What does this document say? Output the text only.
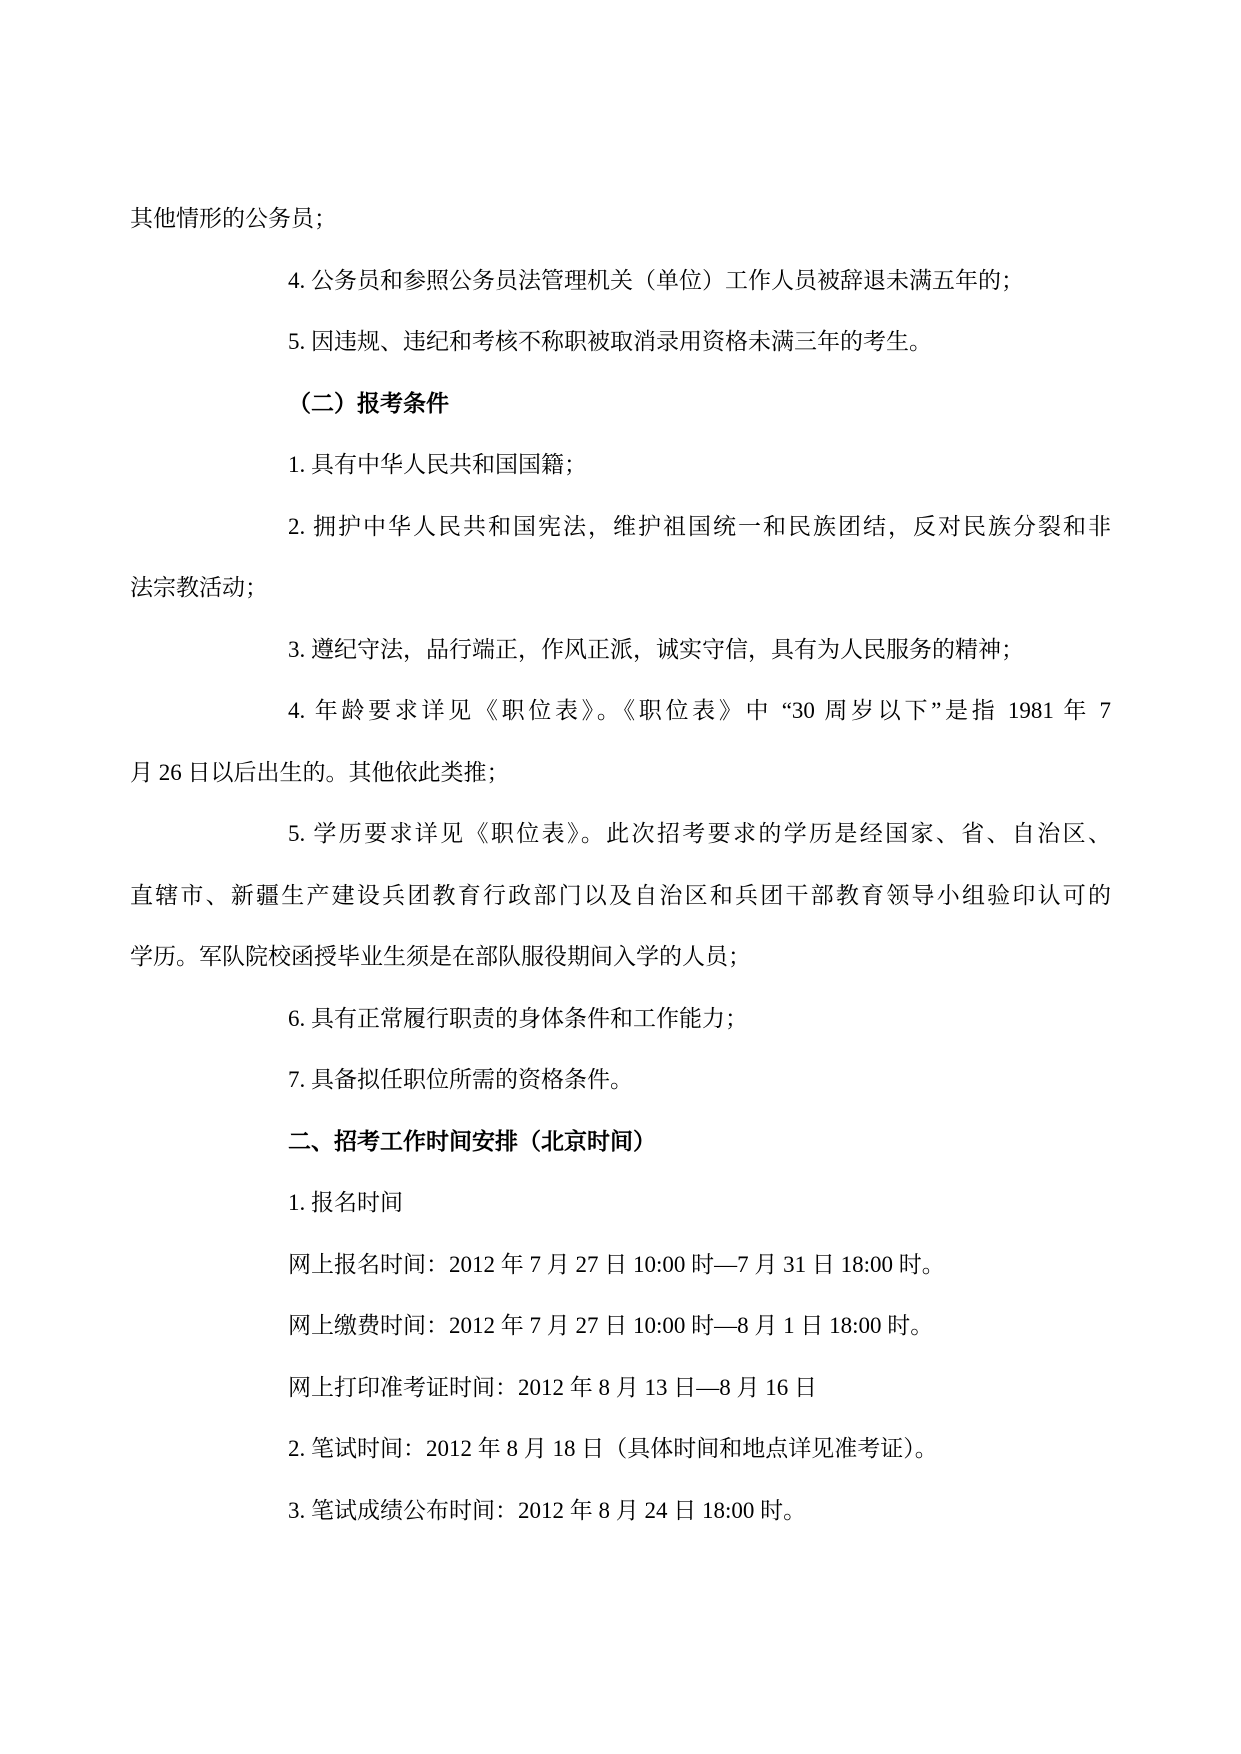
其他情形的公务员；
4. 公务员和参照公务员法管理机关（单位）工作人员被辞退未满五年的；
5. 因违规、违纪和考核不称职被取消录用资格未满三年的考生。
（二）报考条件
1. 具有中华人民共和国国籍；
2. 拥护中华人民共和国宪法，维护祖国统一和民族团结，反对民族分裂和非
法宗教活动；
3. 遵纪守法，品行端正，作风正派，诚实守信，具有为人民服务的精神；
4. 年龄要求详见《职位表》。《职位表》中 “30 周岁以下”是指 1981 年 7
月 26 日以后出生的。其他依此类推；
5. 学历要求详见《职位表》。此次招考要求的学历是经国家、省、自治区、
直辖市、新疆生产建设兵团教育行政部门以及自治区和兵团干部教育领导小组验印认可的
学历。军队院校函授毕业生须是在部队服役期间入学的人员；
6. 具有正常履行职责的身体条件和工作能力；
7. 具备拟任职位所需的资格条件。
二、招考工作时间安排（北京时间）
1. 报名时间
网上报名时间：2012 年 7 月 27 日 10:00 时—7 月 31 日 18:00 时。
网上缴费时间：2012 年 7 月 27 日 10:00 时—8 月 1 日 18:00 时。
网上打印准考证时间：2012 年 8 月 13 日—8 月 16 日
2. 笔试时间：2012 年 8 月 18 日（具体时间和地点详见准考证）。
3. 笔试成绩公布时间：2012 年 8 月 24 日 18:00 时。
